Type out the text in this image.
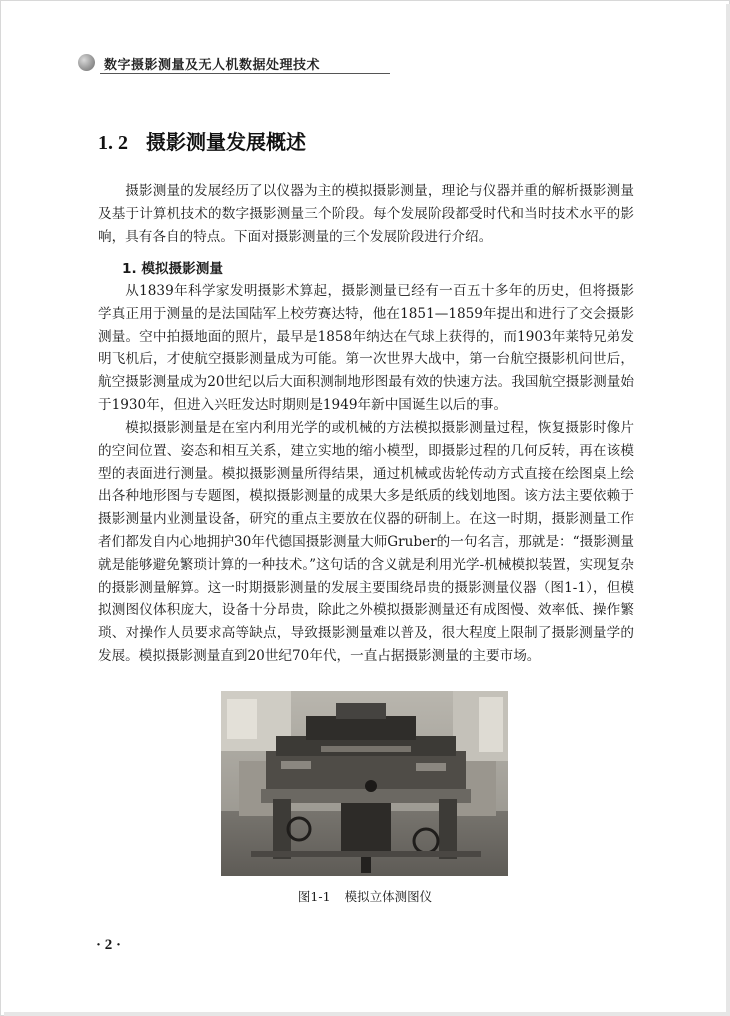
数字摄影测量及无人机数据处理技术
1. 2 摄影测量发展概述

摄影测量的发展经历了以仪器为主的模拟摄影测量，理论与仪器并重的解析摄影测量及基于计算机技术的数字摄影测量三个阶段。每个发展阶段都受时代和当时技术水平的影响，具有各自的特点。下面对摄影测量的三个发展阶段进行介绍。

1. 模拟摄影测量

从1839年科学家发明摄影术算起，摄影测量已经有一百五十多年的历史，但将摄影学真正用于测量的是法国陆军上校劳赛达特，他在1851—1859年提出和进行了交会摄影测量。空中拍摄地面的照片，最早是1858年纳达在气球上获得的，而1903年莱特兄弟发明飞机后，才使航空摄影测量成为可能。第一次世界大战中，第一台航空摄影机问世后，航空摄影测量成为20世纪以后大面积测制地形图最有效的快速方法。我国航空摄影测量始于1930年，但进入兴旺发达时期则是1949年新中国诞生以后的事。

模拟摄影测量是在室内利用光学的或机械的方法模拟摄影测量过程，恢复摄影时像片的空间位置、姿态和相互关系，建立实地的缩小模型，即摄影过程的几何反转，再在该模型的表面进行测量。模拟摄影测量所得结果，通过机械或齿轮传动方式直接在绘图桌上绘出各种地形图与专题图，模拟摄影测量的成果大多是纸质的线划地图。该方法主要依赖于摄影测量内业测量设备，研究的重点主要放在仪器的研制上。在这一时期，摄影测量工作者们都发自内心地拥护30年代德国摄影测量大师Gruber的一句名言，那就是：“摄影测量就是能够避免繁琐计算的一种技术。”这句话的含义就是利用光学-机械模拟装置，实现复杂的摄影测量解算。这一时期摄影测量的发展主要围绕昂贵的摄影测量仪器（图1-1），但模拟测图仪体积庞大，设备十分昂贵，除此之外模拟摄影测量还有成图慢、效率低、操作繁琐、对操作人员要求高等缺点，导致摄影测量难以普及，很大程度上限制了摄影测量学的发展。模拟摄影测量直到20世纪70年代，一直占据摄影测量的主要市场。

图1-1 模拟立体测图仪
· 2 ·
